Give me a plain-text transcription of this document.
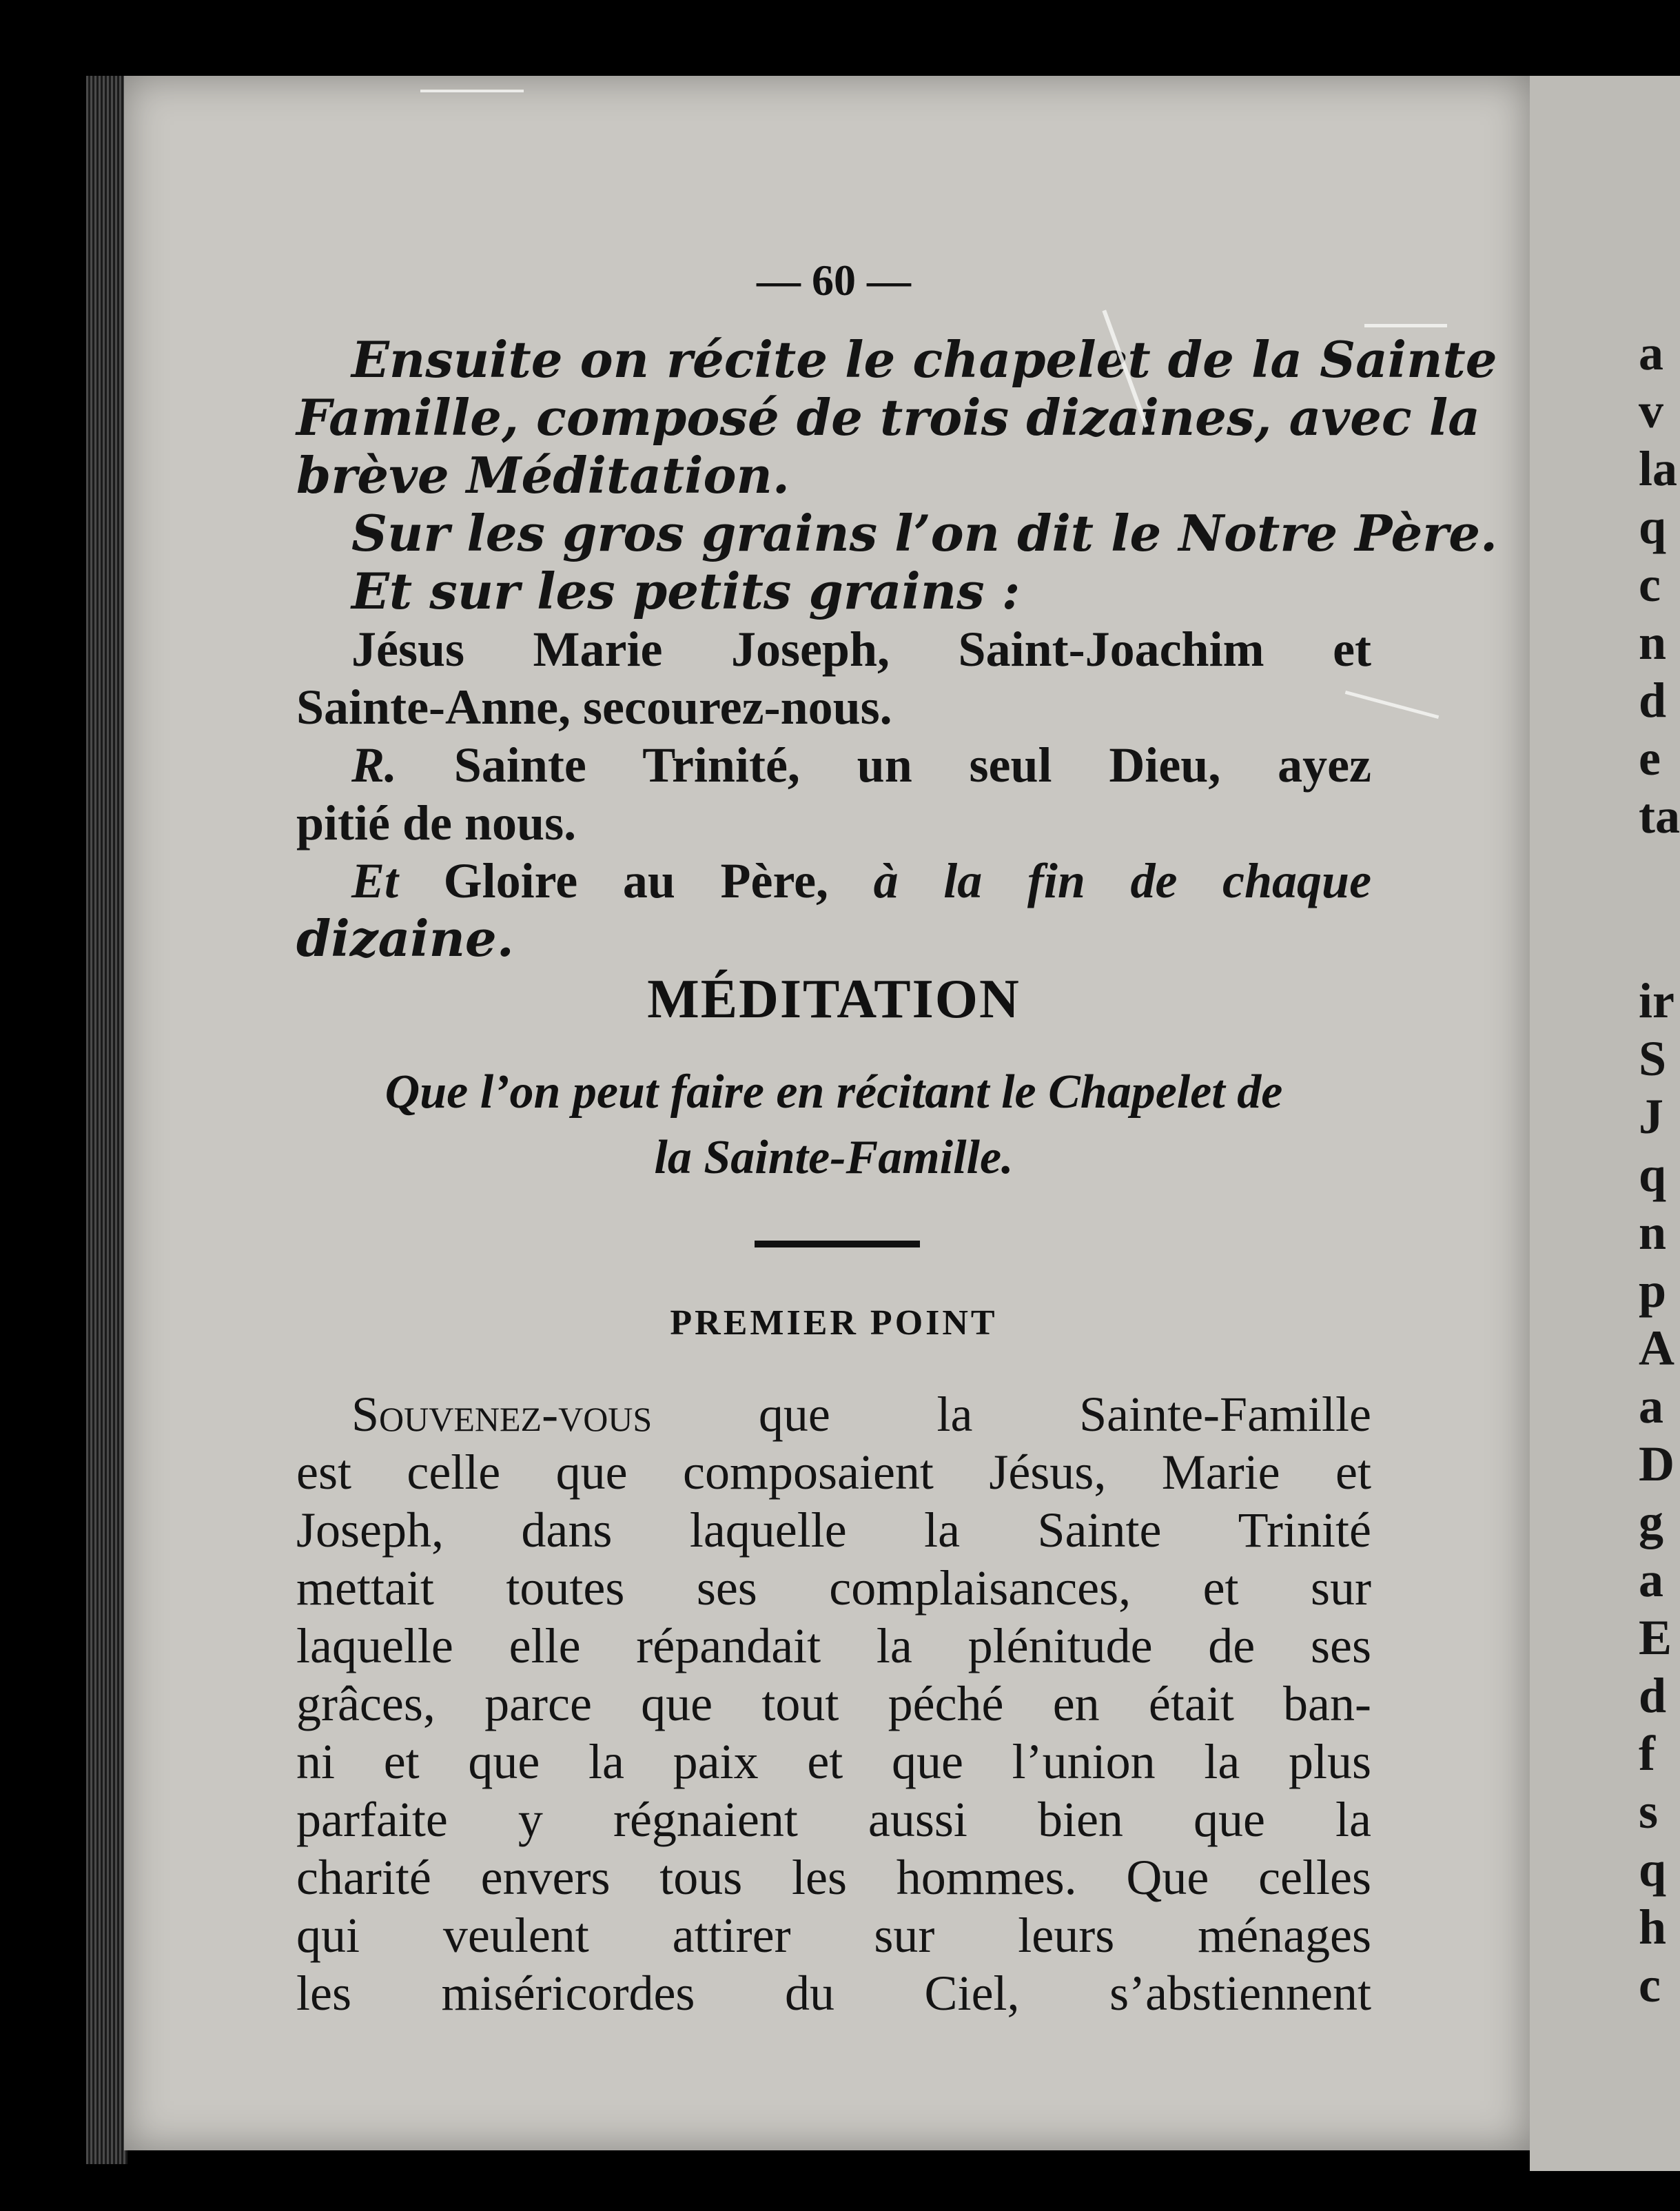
— 60 —
Ensuite on récite le chapelet de la Sainte
Famille, composé de trois dizaines, avec la
brève Méditation.
Sur les gros grains l’on dit le Notre Père.
Et sur les petits grains :
Jésus Marie Joseph, Saint-Joachim et
Sainte-Anne, secourez-nous.
R. Sainte Trinité, un seul Dieu, ayez
pitié de nous.
Et Gloire au Père, à la fin de chaque
dizaine.
MÉDITATION
Que l’on peut faire en récitant le Chapelet de
la Sainte-Famille.
PREMIER POINT
Souvenez-vous que la Sainte-Famille
est celle que composaient Jésus, Marie et
Joseph, dans laquelle la Sainte Trinité
mettait toutes ses complaisances, et sur
laquelle elle répandait la plénitude de ses
grâces, parce que tout péché en était ban-
ni et que la paix et que l’union la plus
parfaite y régnaient aussi bien que la
charité envers tous les hommes. Que celles
qui veulent attirer sur leurs ménages
les miséricordes du Ciel, s’abstiennent
a
v
la
q
c
n
d
e
ta
ir
S
J
q
n
p
A
a
D
g
a
E
d
f
s
q
h
c
